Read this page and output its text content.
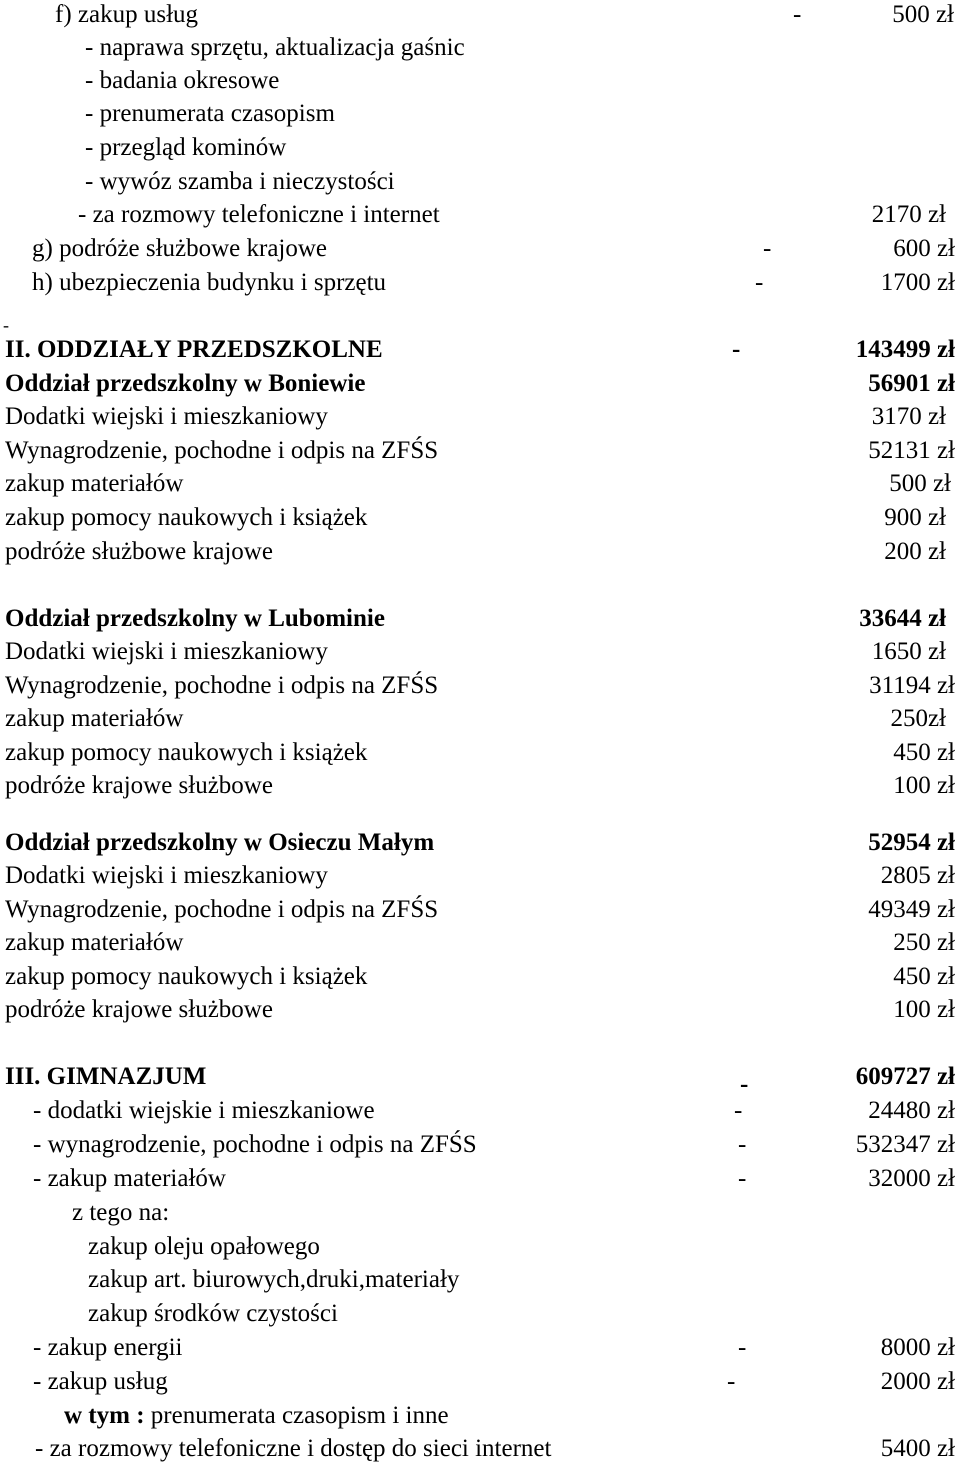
f) zakup usług	-	500 zł
- naprawa sprzętu, aktualizacja gaśnic
- badania okresowe
- prenumerata czasopism
- przegląd kominów
- wywóz szamba i nieczystości
- za rozmowy telefoniczne i internet	2170 zł
g) podróże służbowe krajowe	-	600 zł
h) ubezpieczenia budynku i sprzętu	-	1700 zł
-
II. ODDZIAŁY PRZEDSZKOLNE	-	143499 zł
Oddział przedszkolny w Boniewie	56901 zł
Dodatki wiejski i mieszkaniowy	3170 zł
Wynagrodzenie, pochodne i odpis na ZFŚS	52131 zł
zakup materiałów	500 zł
zakup pomocy naukowych i książek	900 zł
podróże służbowe krajowe	200 zł
Oddział przedszkolny w Lubominie	33644 zł
Dodatki wiejski i mieszkaniowy	1650 zł
Wynagrodzenie, pochodne i odpis na ZFŚS	31194 zł
zakup materiałów	250zł
zakup pomocy naukowych i książek	450 zł
podróże krajowe służbowe	100 zł
Oddział przedszkolny w Osieczu Małym	52954 zł
Dodatki wiejski i mieszkaniowy	2805 zł
Wynagrodzenie, pochodne i odpis na ZFŚS	49349 zł
zakup materiałów	250 zł
zakup pomocy naukowych i książek	450 zł
podróże krajowe służbowe	100 zł
III. GIMNAZJUM	-	609727 zł
- dodatki wiejskie i mieszkaniowe	-	24480 zł
- wynagrodzenie, pochodne i odpis na ZFŚS	-	532347 zł
- zakup materiałów	-	32000 zł
z tego na:
zakup oleju opałowego
zakup art. biurowych,druki,materiały
zakup środków czystości
- zakup energii	-	8000 zł
- zakup usług	-	2000 zł
w tym : prenumerata czasopism i inne
- za rozmowy telefoniczne i dostęp do sieci internet	5400 zł
